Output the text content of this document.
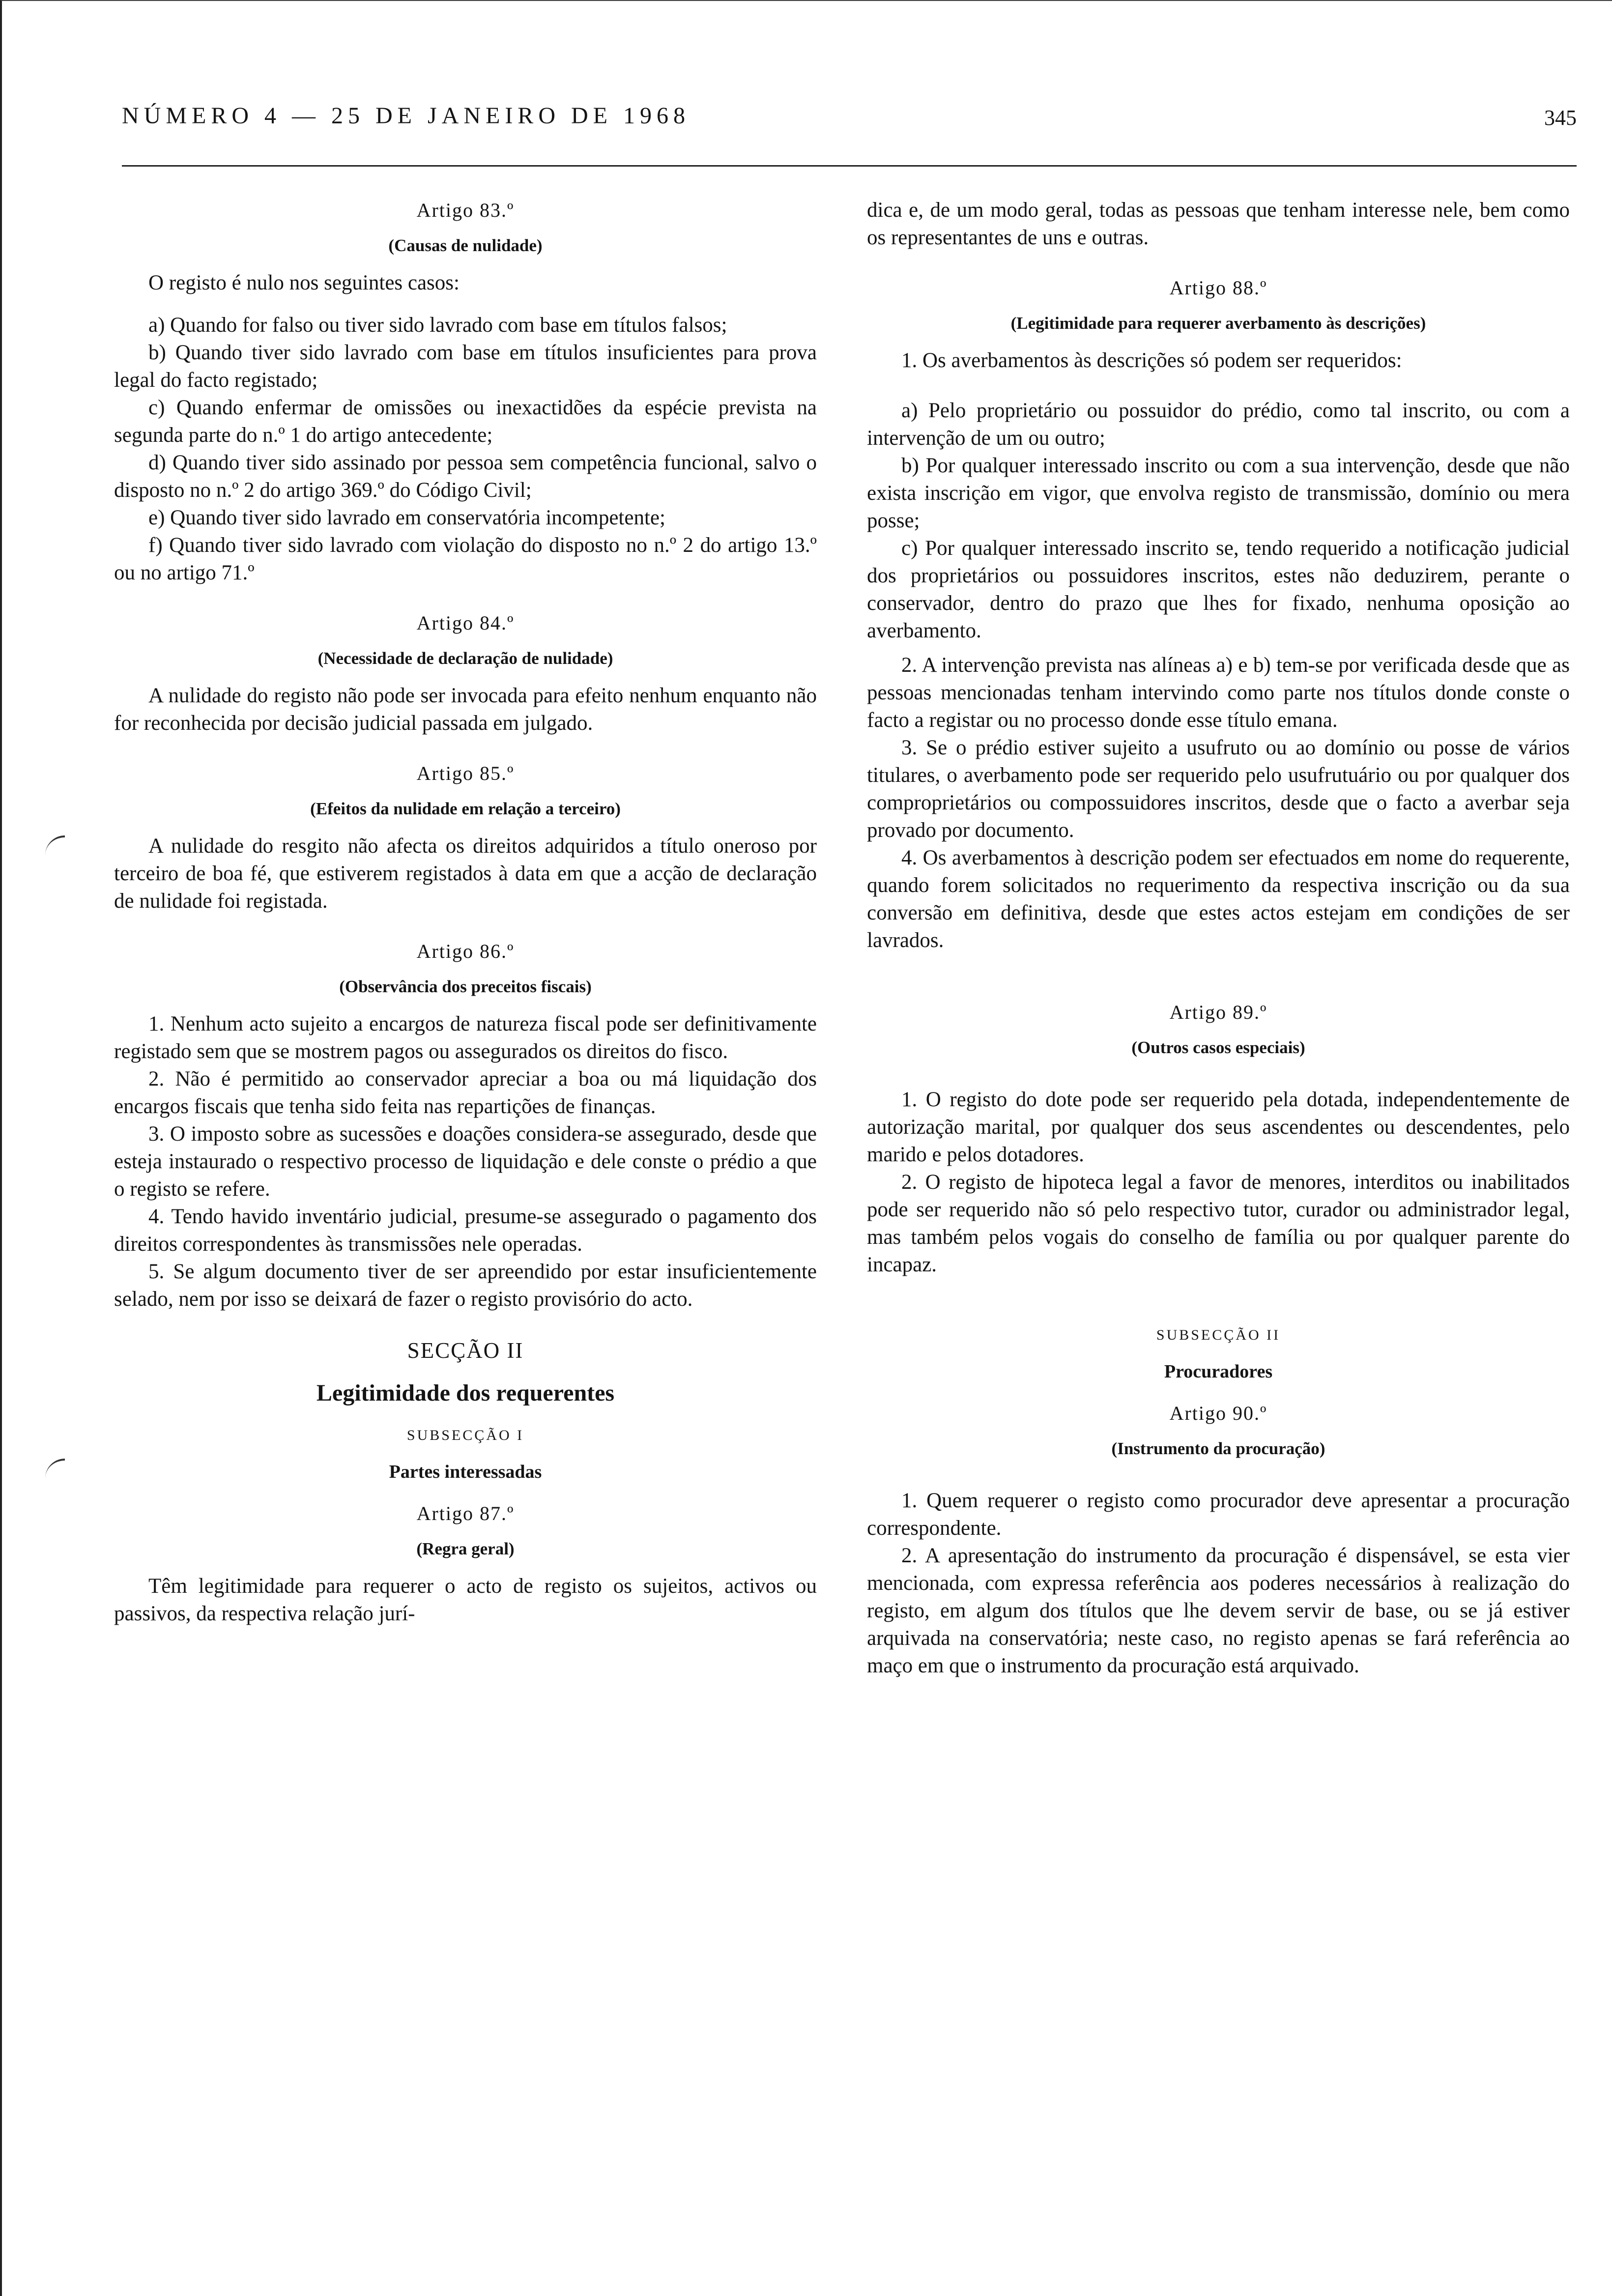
NÚMERO 4 — 25 DE JANEIRO DE 1968	345

Artigo 83.º

(Causas de nulidade)

O registo é nulo nos seguintes casos:

a) Quando for falso ou tiver sido lavrado com base em títulos falsos;

b) Quando tiver sido lavrado com base em títulos insuficientes para prova legal do facto registado;

c) Quando enfermar de omissões ou inexactidões da espécie prevista na segunda parte do n.º 1 do artigo antecedente;

d) Quando tiver sido assinado por pessoa sem competência funcional, salvo o disposto no n.º 2 do artigo 369.º do Código Civil;

e) Quando tiver sido lavrado em conservatória incompetente;

f) Quando tiver sido lavrado com violação do disposto no n.º 2 do artigo 13.º ou no artigo 71.º

Artigo 84.º

(Necessidade de declaração de nulidade)

A nulidade do registo não pode ser invocada para efeito nenhum enquanto não for reconhecida por decisão judicial passada em julgado.

Artigo 85.º

(Efeitos da nulidade em relação a terceiro)

A nulidade do resgito não afecta os direitos adquiridos a título oneroso por terceiro de boa fé, que estiverem registados à data em que a acção de declaração de nulidade foi registada.

Artigo 86.º

(Observância dos preceitos fiscais)

1. Nenhum acto sujeito a encargos de natureza fiscal pode ser definitivamente registado sem que se mostrem pagos ou assegurados os direitos do fisco.

2. Não é permitido ao conservador apreciar a boa ou má liquidação dos encargos fiscais que tenha sido feita nas repartições de finanças.

3. O imposto sobre as sucessões e doações considera-se assegurado, desde que esteja instaurado o respectivo processo de liquidação e dele conste o prédio a que o registo se refere.

4. Tendo havido inventário judicial, presume-se assegurado o pagamento dos direitos correspondentes às transmissões nele operadas.

5. Se algum documento tiver de ser apreendido por estar insuficientemente selado, nem por isso se deixará de fazer o registo provisório do acto.

SECÇÃO II

Legitimidade dos requerentes

SUBSECÇÃO I

Partes interessadas

Artigo 87.º

(Regra geral)

Têm legitimidade para requerer o acto de registo os sujeitos, activos ou passivos, da respectiva relação jurí-

dica e, de um modo geral, todas as pessoas que tenham interesse nele, bem como os representantes de uns e outras.

Artigo 88.º

(Legitimidade para requerer averbamento às descrições)

1. Os averbamentos às descrições só podem ser requeridos:

a) Pelo proprietário ou possuidor do prédio, como tal inscrito, ou com a intervenção de um ou outro;

b) Por qualquer interessado inscrito ou com a sua intervenção, desde que não exista inscrição em vigor, que envolva registo de transmissão, domínio ou mera posse;

c) Por qualquer interessado inscrito se, tendo requerido a notificação judicial dos proprietários ou possuidores inscritos, estes não deduzirem, perante o conservador, dentro do prazo que lhes for fixado, nenhuma oposição ao averbamento.

2. A intervenção prevista nas alíneas a) e b) tem-se por verificada desde que as pessoas mencionadas tenham intervindo como parte nos títulos donde conste o facto a registar ou no processo donde esse título emana.

3. Se o prédio estiver sujeito a usufruto ou ao domínio ou posse de vários titulares, o averbamento pode ser requerido pelo usufrutuário ou por qualquer dos comproprietários ou compossuidores inscritos, desde que o facto a averbar seja provado por documento.

4. Os averbamentos à descrição podem ser efectuados em nome do requerente, quando forem solicitados no requerimento da respectiva inscrição ou da sua conversão em definitiva, desde que estes actos estejam em condições de ser lavrados.

Artigo 89.º

(Outros casos especiais)

1. O registo do dote pode ser requerido pela dotada, independentemente de autorização marital, por qualquer dos seus ascendentes ou descendentes, pelo marido e pelos dotadores.

2. O registo de hipoteca legal a favor de menores, interditos ou inabilitados pode ser requerido não só pelo respectivo tutor, curador ou administrador legal, mas também pelos vogais do conselho de família ou por qualquer parente do incapaz.

SUBSECÇÃO II

Procuradores

Artigo 90.º

(Instrumento da procuração)

1. Quem requerer o registo como procurador deve apresentar a procuração correspondente.

2. A apresentação do instrumento da procuração é dispensável, se esta vier mencionada, com expressa referência aos poderes necessários à realização do registo, em algum dos títulos que lhe devem servir de base, ou se já estiver arquivada na conservatória; neste caso, no registo apenas se fará referência ao maço em que o instrumento da procuração está arquivado.
